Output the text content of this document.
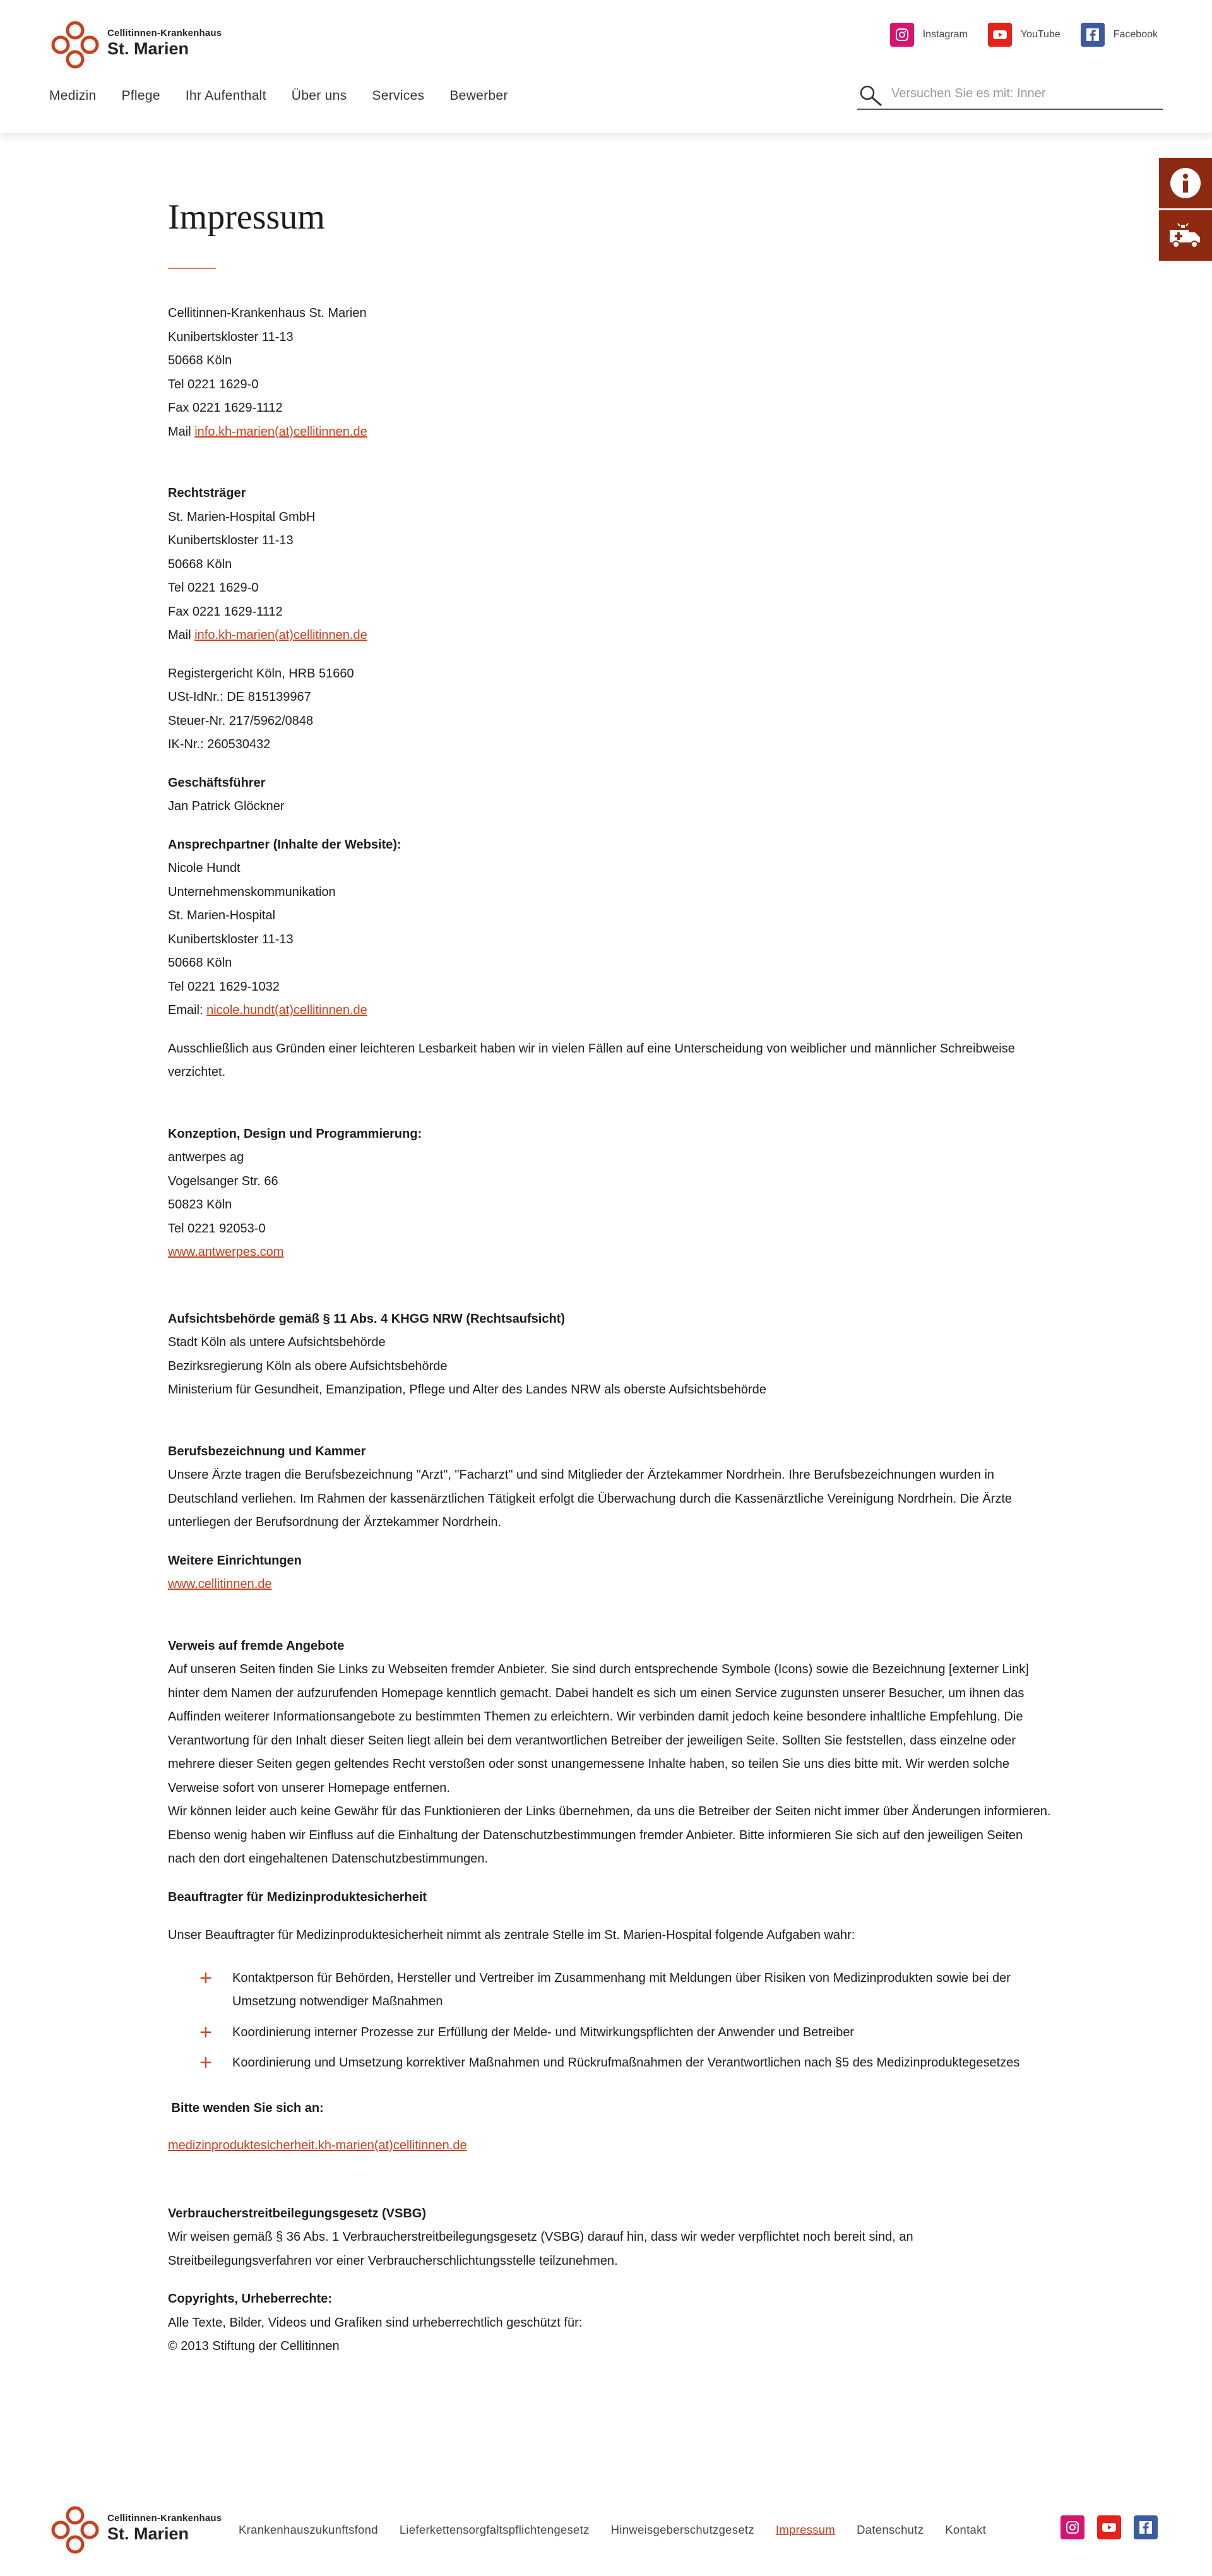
Cellitinnen-Krankenhaus
St. Marien
Instagram	YouTube	Facebook
Medizin Pflege Ihr Aufenthalt Über uns Services Bewerber
Versuchen Sie es mit: Inner
Impressum

Cellitinnen-Krankenhaus St. Marien

Kunibertskloster 11-13

50668 Köln

Tel 0221 1629-0

Fax 0221 1629-1112

Mail info.kh-marien(at)cellitinnen.de

Rechtsträger

St. Marien-Hospital GmbH

Kunibertskloster 11-13

50668 Köln

Tel 0221 1629-0

Fax 0221 1629-1112

Mail info.kh-marien(at)cellitinnen.de

Registergericht Köln, HRB 51660

USt-IdNr.: DE 815139967

Steuer-Nr. 217/5962/0848

IK-Nr.: 260530432

Geschäftsführer

Jan Patrick Glöckner

Ansprechpartner (Inhalte der Website):

Nicole Hundt

Unternehmenskommunikation

St. Marien-Hospital

Kunibertskloster 11-13

50668 Köln

Tel 0221 1629-1032

Email: nicole.hundt(at)cellitinnen.de

Ausschließlich aus Gründen einer leichteren Lesbarkeit haben wir in vielen Fällen auf eine Unterscheidung von weiblicher und männlicher Schreibweise verzichtet.

Konzeption, Design und Programmierung:

antwerpes ag

Vogelsanger Str. 66

50823 Köln

Tel 0221 92053-0

www.antwerpes.com

Aufsichtsbehörde gemäß § 11 Abs. 4 KHGG NRW (Rechtsaufsicht)

Stadt Köln als untere Aufsichtsbehörde

Bezirksregierung Köln als obere Aufsichtsbehörde

Ministerium für Gesundheit, Emanzipation, Pflege und Alter des Landes NRW als oberste Aufsichtsbehörde

Berufsbezeichnung und Kammer

Unsere Ärzte tragen die Berufsbezeichnung "Arzt", "Facharzt" und sind Mitglieder der Ärztekammer Nordrhein. Ihre Berufsbezeichnungen wurden in Deutschland verliehen. Im Rahmen der kassenärztlichen Tätigkeit erfolgt die Überwachung durch die Kassenärztliche Vereinigung Nordrhein. Die Ärzte unterliegen der Berufsordnung der Ärztekammer Nordrhein.

Weitere Einrichtungen

www.cellitinnen.de

Verweis auf fremde Angebote

Auf unseren Seiten finden Sie Links zu Webseiten fremder Anbieter. Sie sind durch entsprechende Symbole (Icons) sowie die Bezeichnung [externer Link] hinter dem Namen der aufzurufenden Homepage kenntlich gemacht. Dabei handelt es sich um einen Service zugunsten unserer Besucher, um ihnen das Auffinden weiterer Informationsangebote zu bestimmten Themen zu erleichtern. Wir verbinden damit jedoch keine besondere inhaltliche Empfehlung. Die Verantwortung für den Inhalt dieser Seiten liegt allein bei dem verantwortlichen Betreiber der jeweiligen Seite. Sollten Sie feststellen, dass einzelne oder mehrere dieser Seiten gegen geltendes Recht verstoßen oder sonst unangemessene Inhalte haben, so teilen Sie uns dies bitte mit. Wir werden solche Verweise sofort von unserer Homepage entfernen.

Wir können leider auch keine Gewähr für das Funktionieren der Links übernehmen, da uns die Betreiber der Seiten nicht immer über Änderungen informieren. Ebenso wenig haben wir Einfluss auf die Einhaltung der Datenschutzbestimmungen fremder Anbieter. Bitte informieren Sie sich auf den jeweiligen Seiten nach den dort eingehaltenen Datenschutzbestimmungen.

Beauftragter für Medizinproduktesicherheit

Unser Beauftragter für Medizinproduktesicherheit nimmt als zentrale Stelle im St. Marien-Hospital folgende Aufgaben wahr:

+ Kontaktperson für Behörden, Hersteller und Vertreiber im Zusammenhang mit Meldungen über Risiken von Medizinprodukten sowie bei der Umsetzung notwendiger Maßnahmen
+ Koordinierung interner Prozesse zur Erfüllung der Melde- und Mitwirkungspflichten der Anwender und Betreiber
+ Koordinierung und Umsetzung korrektiver Maßnahmen und Rückrufmaßnahmen der Verantwortlichen nach §5 des Medizinproduktegesetzes

Bitte wenden Sie sich an:

medizinproduktesicherheit.kh-marien(at)cellitinnen.de

Verbraucherstreitbeilegungsgesetz (VSBG)

Wir weisen gemäß § 36 Abs. 1 Verbraucherstreitbeilegungsgesetz (VSBG) darauf hin, dass wir weder verpflichtet noch bereit sind, an Streitbeilegungsverfahren vor einer Verbraucherschlichtungsstelle teilzunehmen.

Copyrights, Urheberrechte:

Alle Texte, Bilder, Videos und Grafiken sind urheberrechtlich geschützt für:

© 2013 Stiftung der Cellitinnen

Cellitinnen-Krankenhaus
St. Marien	Krankenhauszukunftsfond Lieferkettensorgfaltspflichtengesetz Hinweisgeberschutzgesetz Impressum Datenschutz Kontakt
